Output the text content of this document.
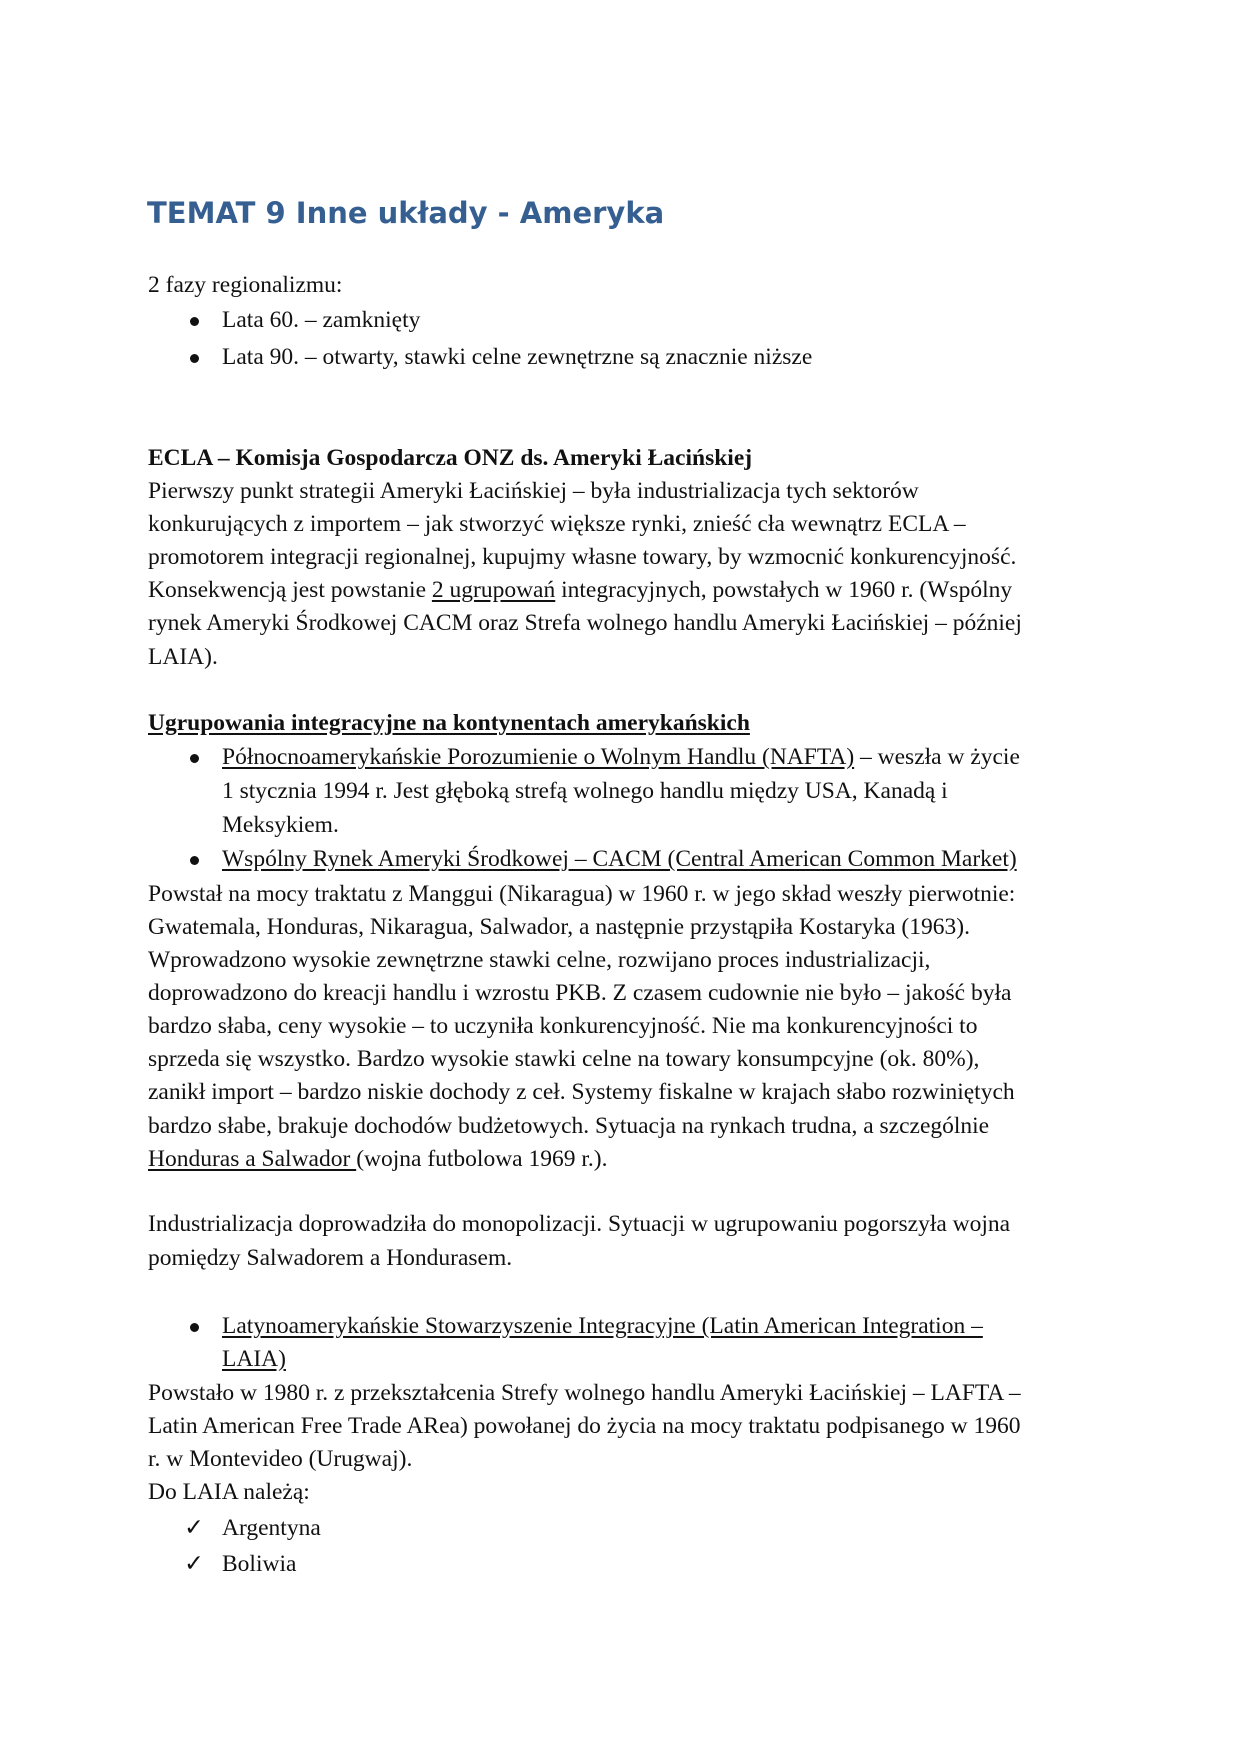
TEMAT 9 Inne układy - Ameryka
2 fazy regionalizmu:
Lata 60. – zamknięty
Lata 90. – otwarty, stawki celne zewnętrzne są znacznie niższe
ECLA – Komisja Gospodarcza ONZ ds. Ameryki Łacińskiej
Pierwszy punkt strategii Ameryki Łacińskiej – była industrializacja tych sektorów
konkurujących z importem – jak stworzyć większe rynki, znieść cła wewnątrz ECLA –
promotorem integracji regionalnej, kupujmy własne towary, by wzmocnić konkurencyjność.
Konsekwencją jest powstanie 2 ugrupowań integracyjnych, powstałych w 1960 r. (Wspólny
rynek Ameryki Środkowej CACM oraz Strefa wolnego handlu Ameryki Łacińskiej – później
LAIA).
Ugrupowania integracyjne na kontynentach amerykańskich
Północnoamerykańskie Porozumienie o Wolnym Handlu (NAFTA) – weszła w życie
1 stycznia 1994 r. Jest głęboką strefą wolnego handlu między USA, Kanadą i
Meksykiem.
Wspólny Rynek Ameryki Środkowej – CACM (Central American Common Market)
Powstał na mocy traktatu z Manggui (Nikaragua) w 1960 r. w jego skład weszły pierwotnie:
Gwatemala, Honduras, Nikaragua, Salwador, a następnie przystąpiła Kostaryka (1963).
Wprowadzono wysokie zewnętrzne stawki celne, rozwijano proces industrializacji,
doprowadzono do kreacji handlu i wzrostu PKB. Z czasem cudownie nie było – jakość była
bardzo słaba, ceny wysokie – to uczyniła konkurencyjność. Nie ma konkurencyjności to
sprzeda się wszystko. Bardzo wysokie stawki celne na towary konsumpcyjne (ok. 80%),
zanikł import – bardzo niskie dochody z ceł. Systemy fiskalne w krajach słabo rozwiniętych
bardzo słabe, brakuje dochodów budżetowych. Sytuacja na rynkach trudna, a szczególnie
Honduras a Salwador (wojna futbolowa 1969 r.).
Industrializacja doprowadziła do monopolizacji. Sytuacji w ugrupowaniu pogorszyła wojna
pomiędzy Salwadorem a Hondurasem.
Latynoamerykańskie Stowarzyszenie Integracyjne (Latin American Integration –
LAIA)
Powstało w 1980 r. z przekształcenia Strefy wolnego handlu Ameryki Łacińskiej – LAFTA –
Latin American Free Trade ARea) powołanej do życia na mocy traktatu podpisanego w 1960
r. w Montevideo (Urugwaj).
Do LAIA należą:
✓ Argentyna
✓ Boliwia
